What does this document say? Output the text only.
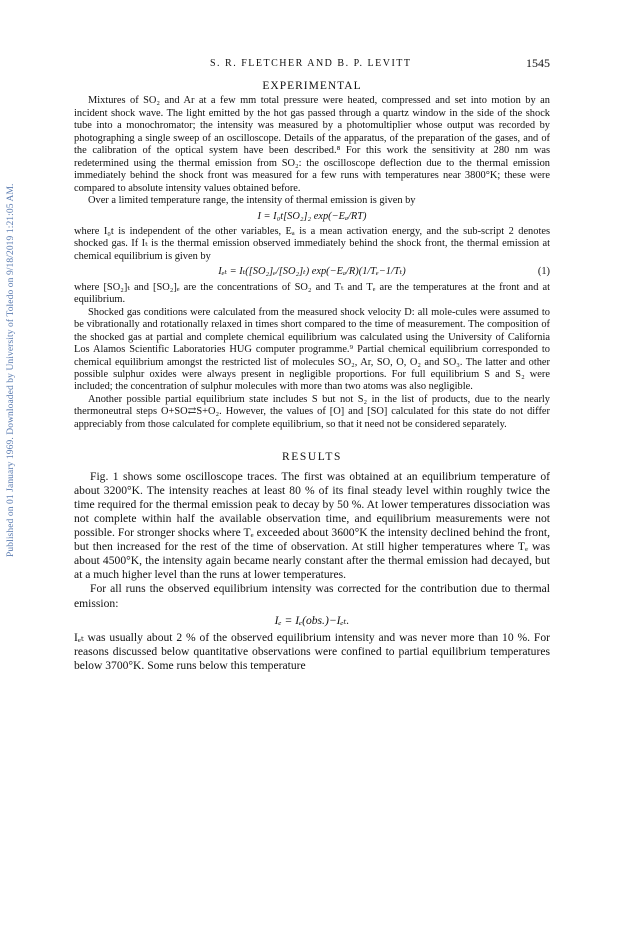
Published on 01 January 1969. Downloaded by University of Toledo on 9/18/2019 1:21:05 AM.
S. R. FLETCHER AND B. P. LEVITT	1545
EXPERIMENTAL

Mixtures of SO₂ and Ar at a few mm total pressure were heated, compressed and set into motion by an incident shock wave. The light emitted by the hot gas passed through a quartz window in the side of the shock tube into a monochromator; the intensity was measured by a photomultiplier whose output was recorded by photographing a single sweep of an oscilloscope. Details of the apparatus, of the preparation of the gases, and of the calibration of the optical system have been described.⁸ For this work the sensitivity at 280 nm was redetermined using the thermal emission from SO₂: the oscilloscope deflection due to the thermal emission immediately behind the shock front was measured for a few runs with temperatures near 3800°K; these were compared to absolute intensity values obtained before.

Over a limited temperature range, the intensity of thermal emission is given by

I = I₀t[SO₂]₂ exp(−Eₐ/RT)

where I₀t is independent of the other variables, Eₐ is a mean activation energy, and the sub-script 2 denotes shocked gas. If Iₜ is the thermal emission observed immediately behind the shock front, the thermal emission at chemical equilibrium is given by

Iₑₜ = Iₜ([SO₂]ₑ/[SO₂]ₜ) exp(−Eₐ/R)(1/Tₑ−1/Tₜ)	(1)

where [SO₂]ₜ and [SO₂]ₑ are the concentrations of SO₂ and Tₜ and Tₑ are the temperatures at the front and at equilibrium.

Shocked gas conditions were calculated from the measured shock velocity D: all mole-cules were assumed to be vibrationally and rotationally relaxed in times short compared to the time of measurement. The composition of the shocked gas at partial and complete chemical equilibrium was calculated using the University of California Los Alamos Scientific Laboratories HUG computer programme.⁹ Partial chemical equilibrium corresponded to chemical equilibrium amongst the restricted list of molecules SO₂, Ar, SO, O, O₂ and SO₃. The latter and other possible sulphur oxides were always present in negligible proportions. For full equilibrium S and S₂ were included; the concentration of sulphur molecules with more than two atoms was also negligible.

Another possible partial equilibrium state includes S but not S₂ in the list of products, due to the nearly thermoneutral steps O+SO⇄S+O₂. However, the values of [O] and [SO] calculated for this state do not differ appreciably from those calculated for complete equilibrium, so that it need not be considered separately.

RESULTS

Fig. 1 shows some oscilloscope traces. The first was obtained at an equilibrium temperature of about 3200°K. The intensity reaches at least 80 % of its final steady level within roughly twice the time required for the thermal emission peak to decay by 50 %. At lower temperatures dissociation was not complete within half the available observation time, and equilibrium measurements were not possible. For stronger shocks where Tₑ exceeded about 3600°K the intensity declined behind the front, but then increased for the rest of the time of observation. At still higher temperatures where Tₑ was about 4500°K, the intensity again became nearly constant after the thermal emission had decayed, but at a much higher level than the runs at lower temperatures.

For all runs the observed equilibrium intensity was corrected for the contribution due to thermal emission:

Iₑ = Iₑ(obs.)−Iₑₜ.

Iₑₜ was usually about 2 % of the observed equilibrium intensity and was never more than 10 %. For reasons discussed below quantitative observations were confined to partial equilibrium temperatures below 3700°K. Some runs below this temperature
